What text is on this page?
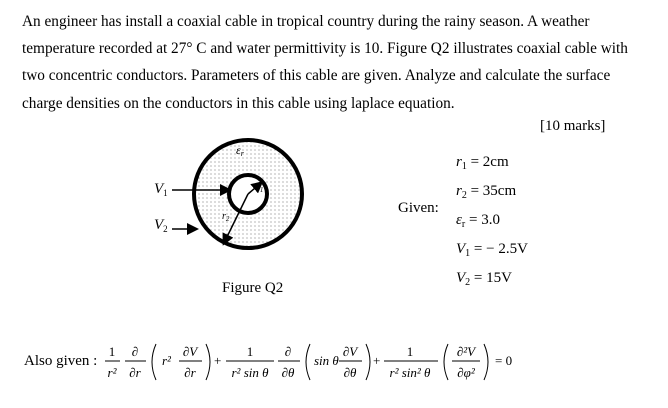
An engineer has install a coaxial cable in tropical country during the rainy season. A weather temperature recorded at 27° C and water permittivity is 10. Figure Q2 illustrates coaxial cable with two concentric conductors. Parameters of this cable are given. Analyze and calculate the surface charge densities on the conductors in this cable using laplace equation.

[10 marks]
$V_1$
$V_2$
εr
$r_1$
$r_2$
Figure Q2
Given:
$r_1 = 2cm$
$r_2 = 35cm$
$\varepsilon_r = 3.0$
$V_1$ = − 2.5V
$V_2 = 15V$
Also given :
1
r²
∂
∂r
r²
∂V
∂r
+
1
r² sin θ
∂
∂θ
sin θ
∂V
∂θ
+
1
r² sin² θ
∂²V
∂φ²
= 0
